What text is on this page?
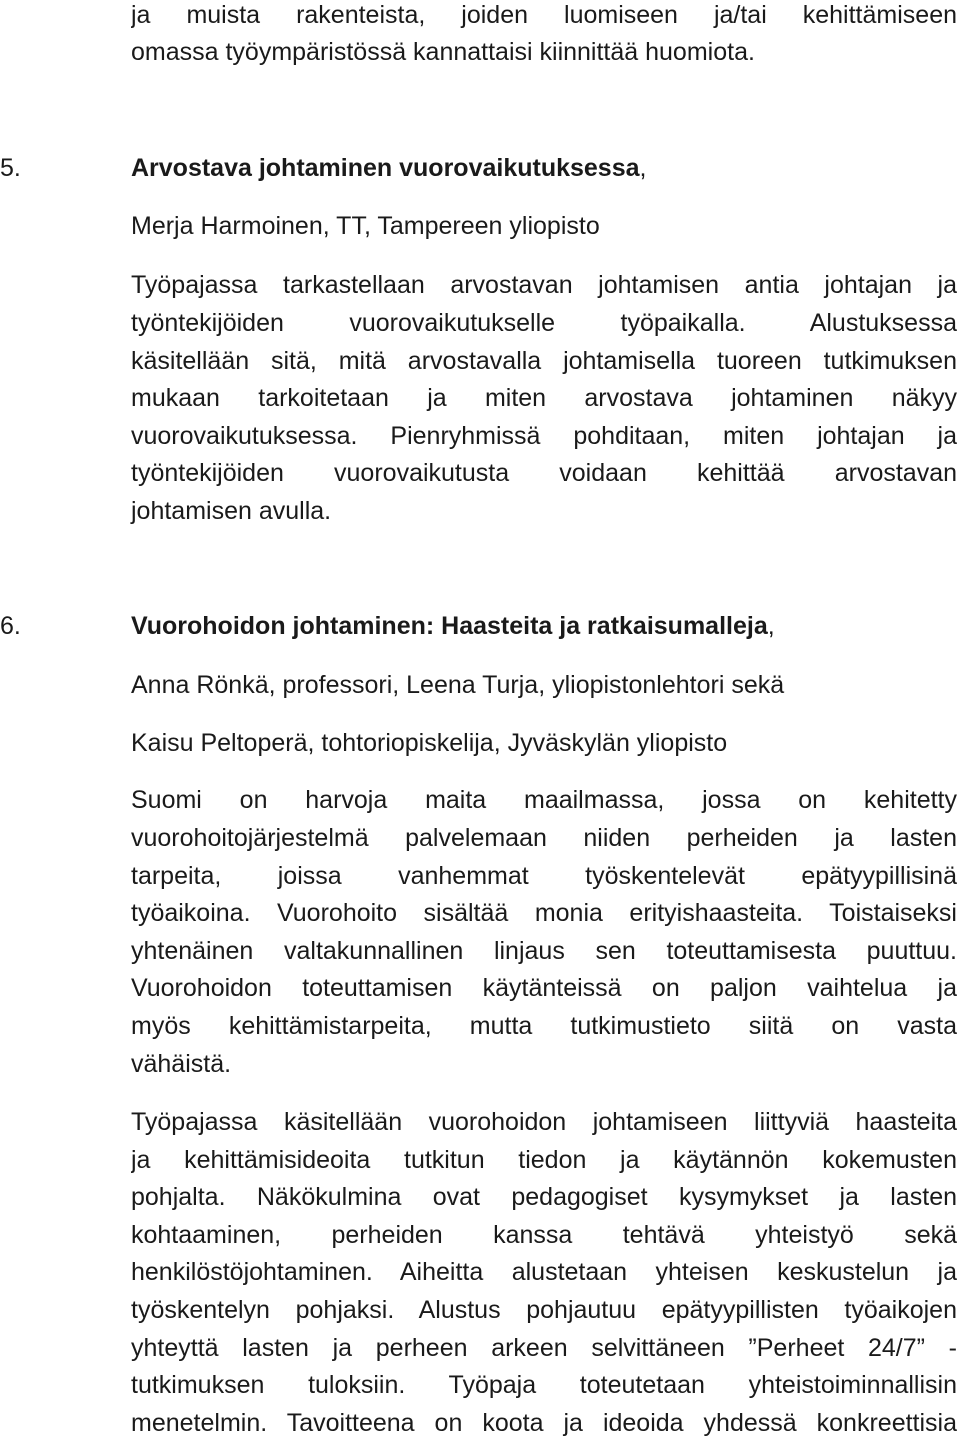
ja muista rakenteista, joiden luomiseen ja/tai kehittämiseen
omassa työympäristössä kannattaisi kiinnittää huomiota.
5.	Arvostava johtaminen vuorovaikutuksessa,
Merja Harmoinen, TT, Tampereen yliopisto
Työpajassa tarkastellaan arvostavan johtamisen antia johtajan ja
työntekijöiden vuorovaikutukselle työpaikalla. Alustuksessa
käsitellään sitä, mitä arvostavalla johtamisella tuoreen tutkimuksen
mukaan tarkoitetaan ja miten arvostava johtaminen näkyy
vuorovaikutuksessa. Pienryhmissä pohditaan, miten johtajan ja
työntekijöiden vuorovaikutusta voidaan kehittää arvostavan
johtamisen avulla.
6.	Vuorohoidon johtaminen: Haasteita ja ratkaisumalleja,
Anna Rönkä, professori, Leena Turja, yliopistonlehtori sekä
Kaisu Peltoperä, tohtoriopiskelija, Jyväskylän yliopisto
Suomi on harvoja maita maailmassa, jossa on kehitetty
vuorohoitojärjestelmä palvelemaan niiden perheiden ja lasten
tarpeita, joissa vanhemmat työskentelevät epätyypillisinä
työaikoina. Vuorohoito sisältää monia erityishaasteita. Toistaiseksi
yhtenäinen valtakunnallinen linjaus sen toteuttamisesta puuttuu.
Vuorohoidon toteuttamisen käytänteissä on paljon vaihtelua ja
myös kehittämistarpeita, mutta tutkimustieto siitä on vasta
vähäistä.
Työpajassa käsitellään vuorohoidon johtamiseen liittyviä haasteita
ja kehittämisideoita tutkitun tiedon ja käytännön kokemusten
pohjalta. Näkökulmina ovat pedagogiset kysymykset ja lasten
kohtaaminen, perheiden kanssa tehtävä yhteistyö sekä
henkilöstöjohtaminen. Aiheitta alustetaan yhteisen keskustelun ja
työskentelyn pohjaksi. Alustus pohjautuu epätyypillisten työaikojen
yhteyttä lasten ja perheen arkeen selvittäneen ”Perheet 24/7” -
tutkimuksen tuloksiin. Työpaja toteutetaan yhteistoiminnallisin
menetelmin. Tavoitteena on koota ja ideoida yhdessä konkreettisia
